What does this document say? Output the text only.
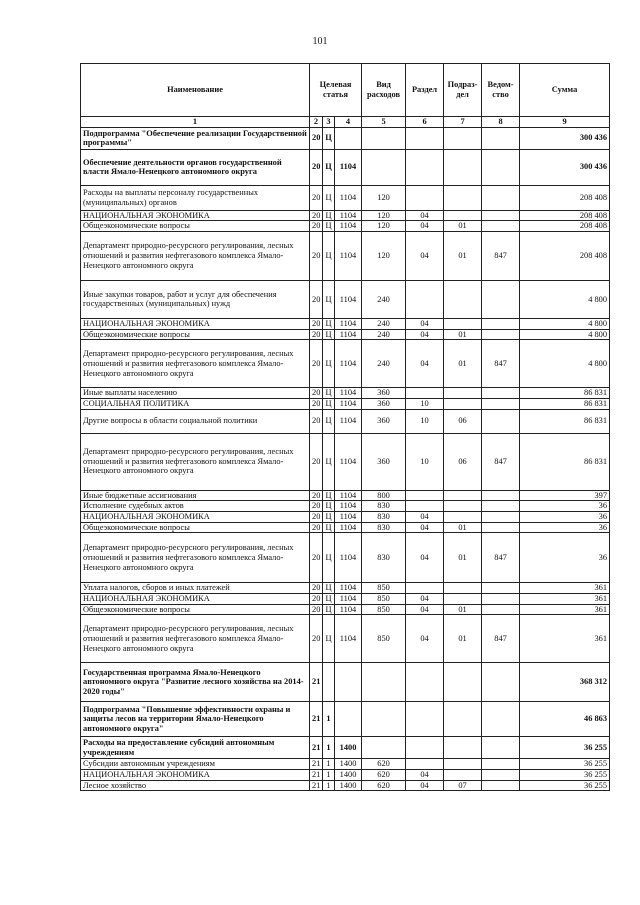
101
Наименование	Целевая статья			Вид расходов	Раздел	Подраз-дел	Ведом-ство	Сумма
1	2	3	4	5	6	7	8	9
Подпрограмма "Обеспечение реализации Государственной программы"	20	Ц						300 436
Обеспечение деятельности органов государственной власти Ямало-Ненецкого автономного округа	20	Ц	1104					300 436
Расходы на выплаты персоналу государственных (муниципальных) органов	20	Ц	1104	120				208 408
НАЦИОНАЛЬНАЯ ЭКОНОМИКА	20	Ц	1104	120	04			208 408
Общеэкономические вопросы	20	Ц	1104	120	04	01		208 408
Департамент природно-ресурсного регулирования, лесных отношений и развития нефтегазового комплекса Ямало-Ненецкого автономного округа	20	Ц	1104	120	04	01	847	208 408
Иные закупки товаров, работ и услуг для обеспечения государственных (муниципальных) нужд	20	Ц	1104	240				4 800
НАЦИОНАЛЬНАЯ ЭКОНОМИКА	20	Ц	1104	240	04			4 800
Общеэкономические вопросы	20	Ц	1104	240	04	01		4 800
Департамент природно-ресурсного регулирования, лесных отношений и развития нефтегазового комплекса Ямало-Ненецкого автономного округа	20	Ц	1104	240	04	01	847	4 800
Иные выплаты населению	20	Ц	1104	360				86 831
СОЦИАЛЬНАЯ ПОЛИТИКА	20	Ц	1104	360	10			86 831
Другие вопросы в области социальной политики	20	Ц	1104	360	10	06		86 831
Департамент природно-ресурсного регулирования, лесных отношений и развития нефтегазового комплекса Ямало-Ненецкого автономного округа	20	Ц	1104	360	10	06	847	86 831
Иные бюджетные ассигнования	20	Ц	1104	800				397
Исполнение судебных актов	20	Ц	1104	830				36
НАЦИОНАЛЬНАЯ ЭКОНОМИКА	20	Ц	1104	830	04			36
Общеэкономические вопросы	20	Ц	1104	830	04	01		36
Департамент природно-ресурсного регулирования, лесных отношений и развития нефтегазового комплекса Ямало-Ненецкого автономного округа	20	Ц	1104	830	04	01	847	36
Уплата налогов, сборов и иных платежей	20	Ц	1104	850				361
НАЦИОНАЛЬНАЯ ЭКОНОМИКА	20	Ц	1104	850	04			361
Общеэкономические вопросы	20	Ц	1104	850	04	01		361
Департамент природно-ресурсного регулирования, лесных отношений и развития нефтегазового комплекса Ямало-Ненецкого автономного округа	20	Ц	1104	850	04	01	847	361
Государственная программа Ямало-Ненецкого автономного округа "Развитие лесного хозяйства на 2014-2020 годы"	21							368 312
Подпрограмма "Повышение эффективности охраны и защиты лесов на территории Ямало-Ненецкого автономного округа"	21	1						46 863
Расходы на предоставление субсидий автономным учреждениям	21	1	1400					36 255
Субсидии автономным учреждениям	21	1	1400	620				36 255
НАЦИОНАЛЬНАЯ ЭКОНОМИКА	21	1	1400	620	04			36 255
Лесное хозяйство	21	1	1400	620	04	07		36 255
